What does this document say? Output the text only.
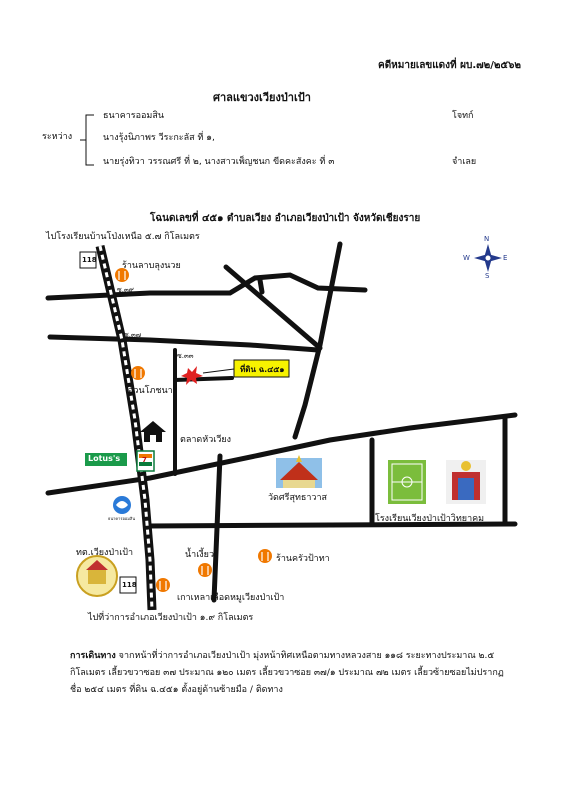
คดีหมายเลขแดงที่ ผบ.๗๒/๒๕๖๒
ศาลแขวงเวียงป่าเป้า
ระหว่าง
ธนาคารออมสิน	โจทก์
นางรุ้งนิภาพร วีระกะลัส ที่ ๑,
นายรุ่งทิวา วรรณศรี ที่ ๒, นางสาวเพ็ญชนก ขีดคะสังคะ ที่ ๓	จำเลย
โฉนดเลขที่ ๔๕๑ ตำบลเวียง อำเภอเวียงป่าเป้า จังหวัดเชียงราย
ไปโรงเรียนบ้านโป่งเหนือ ๕.๗ กิโลเมตร
118
ร้านลาบลุงนวย
ซ.๓๙
ซ.๓๗
ซ.๓๓
ที่ดิน ฉ.๔๕๑
อ้วนโภชนา
ตลาดหัวเวียง
Lotus's	7
วัดศรีสุทธาวาส
โรงเรียนเวียงป่าเป้าวิทยาคม
ธนาคารออมสิน
ทต.เวียงป่าเป้า	น้ำเงี้ยว	ร้านครัวป้าทา
118
เกาเหลาเลือดหมูเวียงป่าเป้า
ไปที่ว่าการอำเภอเวียงป่าเป้า ๑.๙ กิโลเมตร
N
S
E
W
การเดินทาง จากหน้าที่ว่าการอำเภอเวียงป่าเป้า มุ่งหน้าทิศเหนือตามทางหลวงสาย ๑๑๘ ระยะทางประมาณ ๒.๕ กิโลเมตร เลี้ยวขวาซอย ๓๗ ประมาณ ๑๒๐ เมตร เลี้ยวขวาซอย ๓๗/๑ ประมาณ ๗๒ เมตร เลี้ยวซ้ายซอยไม่ปรากฏชื่อ ๒๕๔ เมตร ที่ดิน ฉ.๔๕๑ ตั้งอยู่ด้านซ้ายมือ / ติดทาง
